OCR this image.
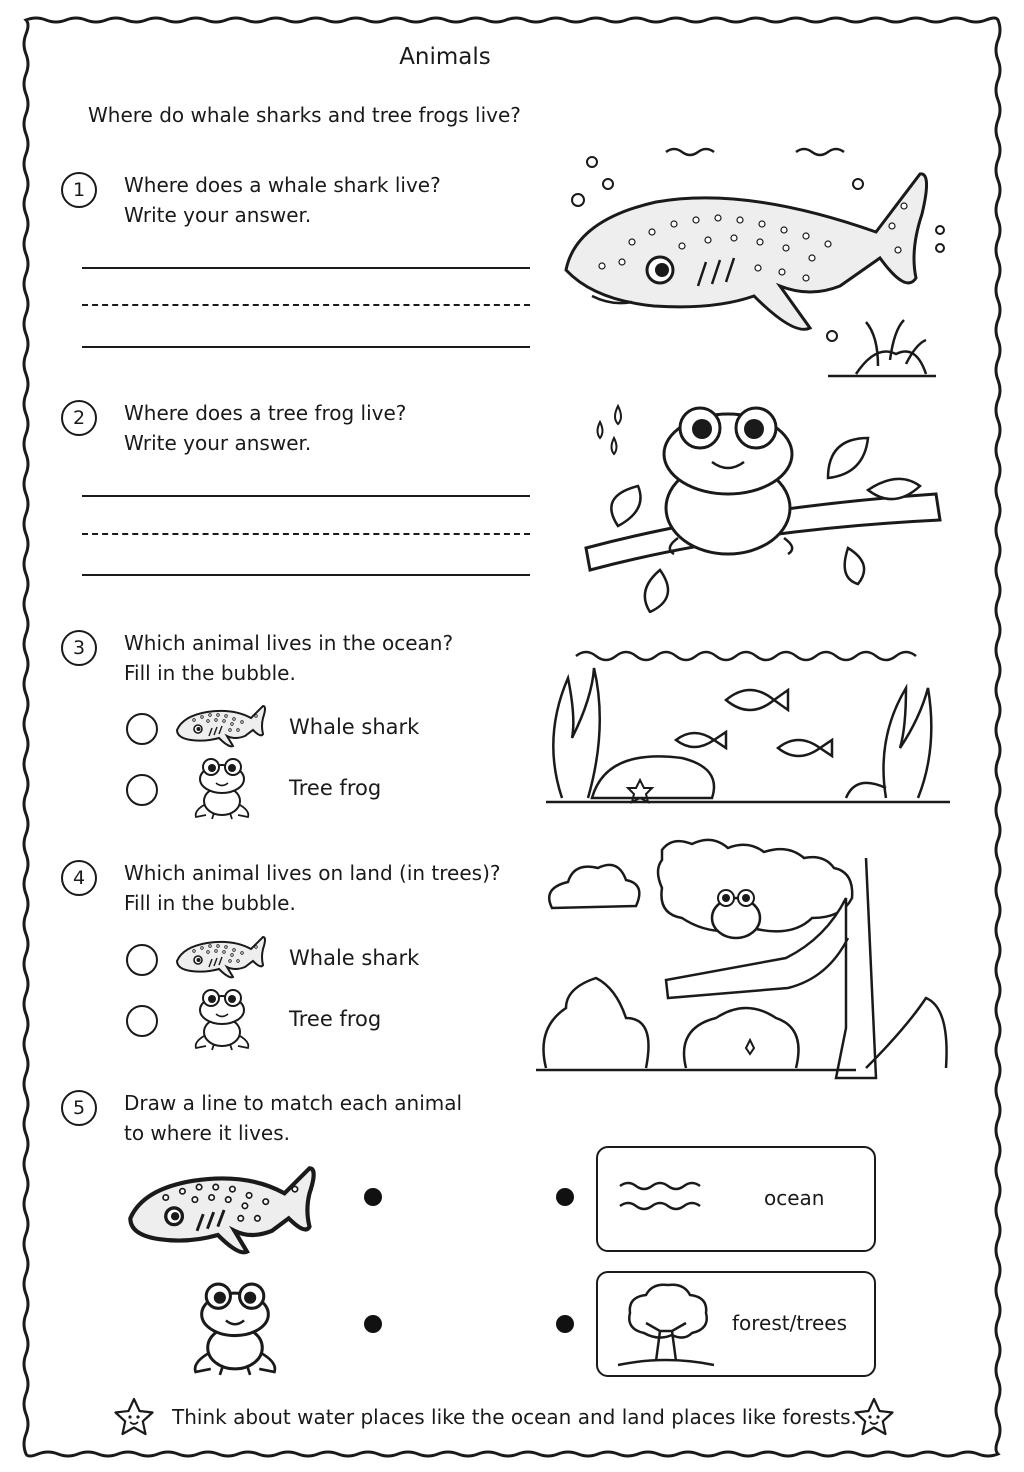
Animals
Where do whale sharks and tree frogs live?
1	Where does a whale shark live?
Write your answer.
2	Where does a tree frog live?
Write your answer.
3	Which animal lives in the ocean?
Fill in the bubble.
Whale shark
Tree frog
4	Which animal lives on land (in trees)?
Fill in the bubble.
Whale shark
Tree frog
5	Draw a line to match each animal
to where it lives.
ocean
forest/trees
Think about water places like the ocean and land places like forests.
